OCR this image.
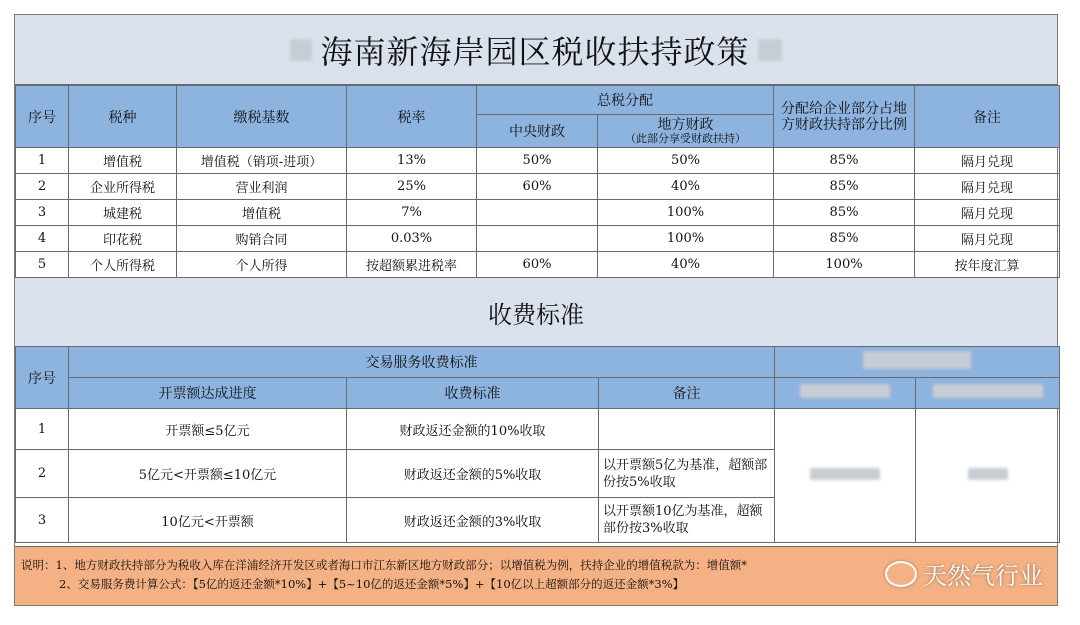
海南新海岸园区税收扶持政策
序号	税种	缴税基数	税率	总税分配		分配给企业部分占地方财政扶持部分比例	备注
				中央财政	地方财政
（此部分享受财政扶持）		

1	增值税	增值税（销项-进项）	13%	50%	50%	85%	隔月兑现
2	企业所得税	营业利润	25%	60%	40%	85%	隔月兑现
3	城建税	增值税	7%		100%	85%	隔月兑现
4	印花税	购销合同	0.03%		100%	85%	隔月兑现
5	个人所得税	个人所得	按超额累进税率	60%	40%	100%	按年度汇算
收费标准
序号	交易服务收费标准				
	开票额达成进度	收费标准	备注		
1	开票额≤5亿元	财政返还金额的10%收取			
2	5亿元<开票额≤10亿元	财政返还金额的5%收取	以开票额5亿为基准，超额部份按5%收取		
3	10亿元<开票额	财政返还金额的3%收取	以开票额10亿为基准，超额部份按3%收取		
说明：1、地方财政扶持部分为税收入库在洋浦经济开发区或者海口市江东新区地方财政部分；以增值税为例，扶持企业的增值税款为：增值额*
2、交易服务费计算公式：【5亿的返还金额*10%】+【5~10亿的返还金额*5%】+【10亿以上超额部分的返还金额*3%】	天然气行业
